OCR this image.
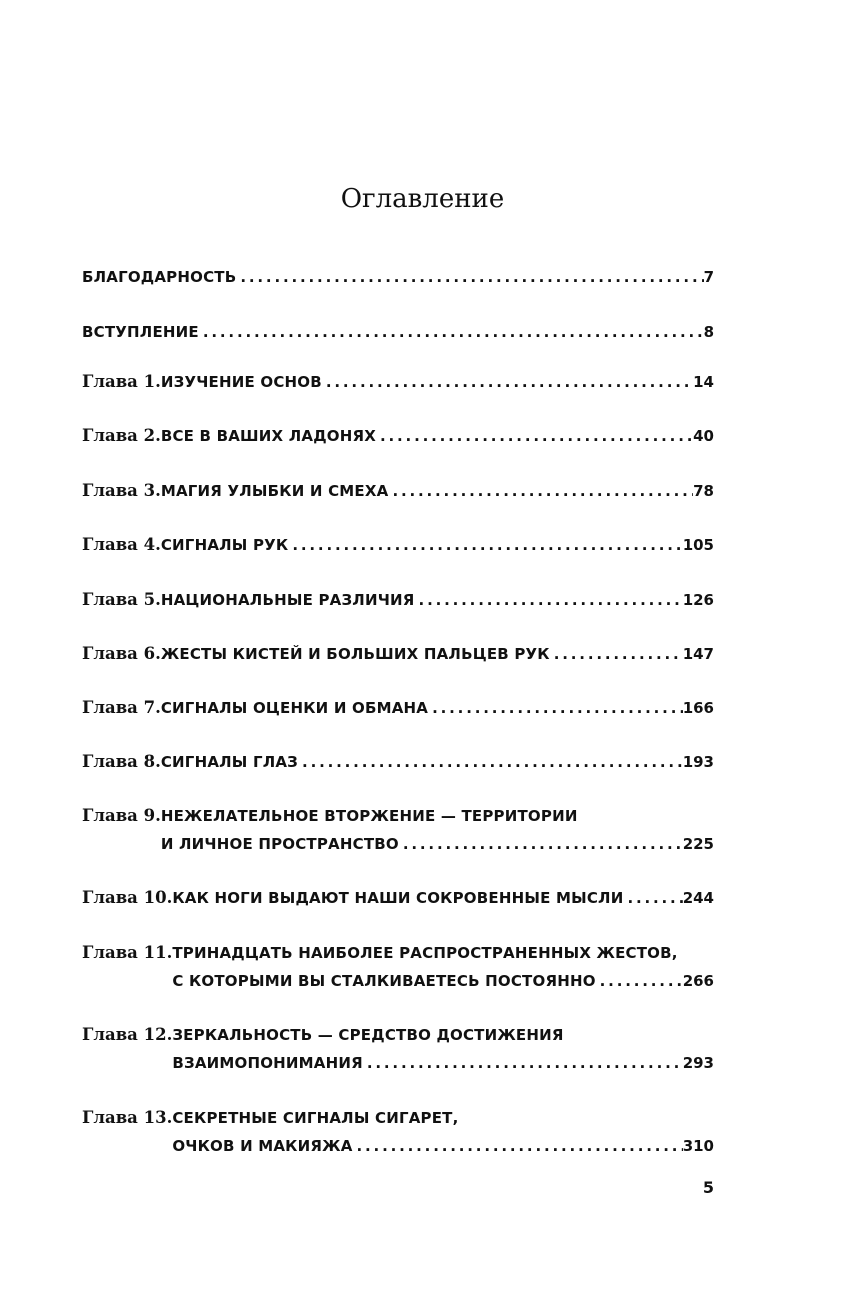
Оглавление
БЛАГОДАРНОСТЬ . . .	7
ВСТУПЛЕНИЕ . . .	8
Глава 1. ИЗУЧЕНИЕ ОСНОВ . . .	14
Глава 2. ВСЕ В ВАШИХ ЛАДОНЯХ . . .	40
Глава 3. МАГИЯ УЛЫБКИ И СМЕХА . . .	78
Глава 4. СИГНАЛЫ РУК . . .	105
Глава 5. НАЦИОНАЛЬНЫЕ РАЗЛИЧИЯ . . .	126
Глава 6. ЖЕСТЫ КИСТЕЙ И БОЛЬШИХ ПАЛЬЦЕВ РУК . . .	147
Глава 7. СИГНАЛЫ ОЦЕНКИ И ОБМАНА . . .	166
Глава 8. СИГНАЛЫ ГЛАЗ . . .	193
Глава 9. НЕЖЕЛАТЕЛЬНОЕ ВТОРЖЕНИЕ — ТЕРРИТОРИИ
И ЛИЧНОЕ ПРОСТРАНСТВО . . .	225
Глава 10. КАК НОГИ ВЫДАЮТ НАШИ СОКРОВЕННЫЕ МЫСЛИ . . .	244
Глава 11. ТРИНАДЦАТЬ НАИБОЛЕЕ РАСПРОСТРАНЕННЫХ ЖЕСТОВ,
С КОТОРЫМИ ВЫ СТАЛКИВАЕТЕСЬ ПОСТОЯННО . . .	266
Глава 12. ЗЕРКАЛЬНОСТЬ — СРЕДСТВО ДОСТИЖЕНИЯ
ВЗАИМОПОНИМАНИЯ . . .	293
Глава 13. СЕКРЕТНЫЕ СИГНАЛЫ СИГАРЕТ,
ОЧКОВ И МАКИЯЖА . . .	310
5
